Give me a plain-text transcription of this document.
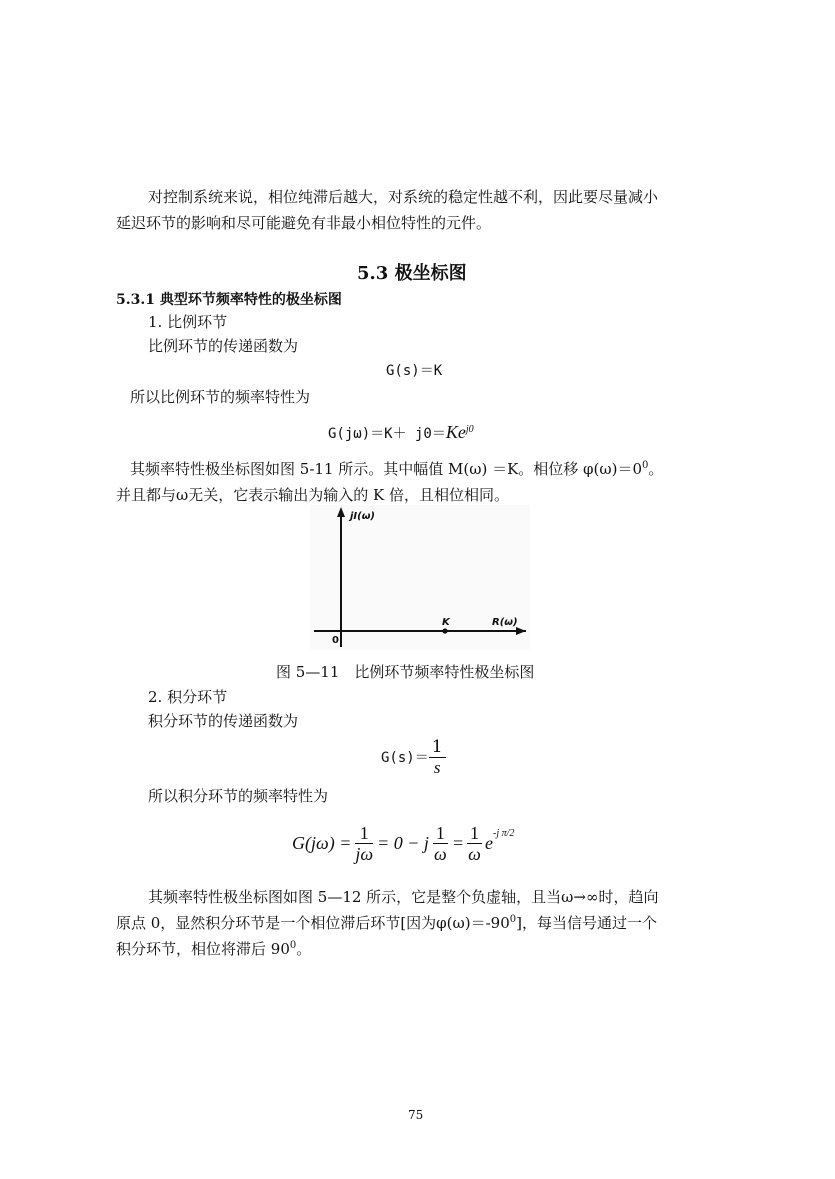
对控制系统来说，相位纯滞后越大，对系统的稳定性越不利，因此要尽量减小
延迟环节的影响和尽可能避免有非最小相位特性的元件。
5.3 极坐标图
5.3.1 典型环节频率特性的极坐标图
1. 比例环节
比例环节的传递函数为
G(s)＝K
所以比例环节的频率特性为
$G(j\omega)=K+ j0=Ke^{j0}$
其频率特性极坐标图如图 5-11 所示。其中幅值 M(ω) ＝K。相位移 $\varphi(\omega)=0^0$。
并且都与ω无关，它表示输出为输入的 K 倍，且相位相同。
jI(ω)
R(ω)
K
0
图 5—11　比例环节频率特性极坐标图
2. 积分环节
积分环节的传递函数为
$G(s)= \frac{1}{s}$
所以积分环节的频率特性为
$G(j\omega) = \frac{1}{j\omega} = 0 - j \frac{1}{\omega} = \frac{1}{\omega} e^{-j \pi/2}$
其频率特性极坐标图如图 5—12 所示，它是整个负虚轴，且当ω→∞时，趋向
原点 0，显然积分环节是一个相位滞后环节[因为$\varphi(\omega)=-90^0$]，每当信号通过一个
积分环节，相位将滞后 $90^0$。
75
